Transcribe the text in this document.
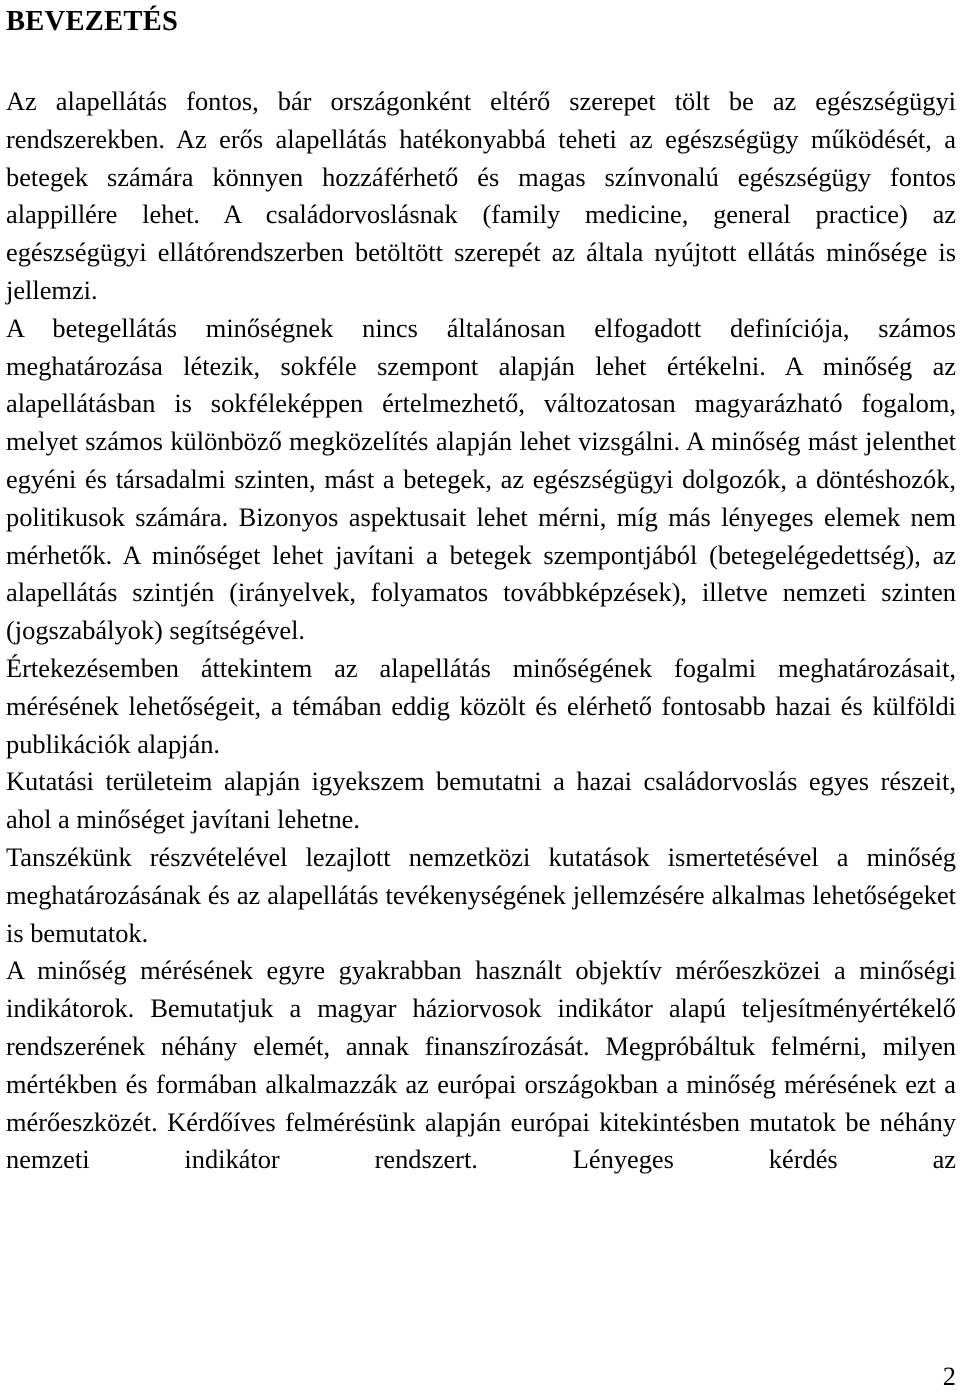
BEVEZETÉS

Az alapellátás fontos, bár országonként eltérő szerepet tölt be az egészségügyi rendszerekben. Az erős alapellátás hatékonyabbá teheti az egészségügy működését, a betegek számára könnyen hozzáférhető és magas színvonalú egészségügy fontos alappillére lehet. A családorvoslásnak (family medicine, general practice) az egészségügyi ellátórendszerben betöltött szerepét az általa nyújtott ellátás minősége is jellemzi.

A betegellátás minőségnek nincs általánosan elfogadott definíciója, számos meghatározása létezik, sokféle szempont alapján lehet értékelni. A minőség az alapellátásban is sokféleképpen értelmezhető, változatosan magyarázható fogalom, melyet számos különböző megközelítés alapján lehet vizsgálni. A minőség mást jelenthet egyéni és társadalmi szinten, mást a betegek, az egészségügyi dolgozók, a döntéshozók, politikusok számára. Bizonyos aspektusait lehet mérni, míg más lényeges elemek nem mérhetők. A minőséget lehet javítani a betegek szempontjából (betegelégedettség), az alapellátás szintjén (irányelvek, folyamatos továbbképzések), illetve nemzeti szinten (jogszabályok) segítségével.

Értekezésemben áttekintem az alapellátás minőségének fogalmi meghatározásait, mérésének lehetőségeit, a témában eddig közölt és elérhető fontosabb hazai és külföldi publikációk alapján.

Kutatási területeim alapján igyekszem bemutatni a hazai családorvoslás egyes részeit, ahol a minőséget javítani lehetne.

Tanszékünk részvételével lezajlott nemzetközi kutatások ismertetésével a minőség meghatározásának és az alapellátás tevékenységének jellemzésére alkalmas lehetőségeket is bemutatok.

A minőség mérésének egyre gyakrabban használt objektív mérőeszközei a minőségi indikátorok. Bemutatjuk a magyar háziorvosok indikátor alapú teljesítményértékelő rendszerének néhány elemét, annak finanszírozását. Megpróbáltuk felmérni, milyen mértékben és formában alkalmazzák az európai országokban a minőség mérésének ezt a mérőeszközét. Kérdőíves felmérésünk alapján európai kitekintésben mutatok be néhány nemzeti indikátor rendszert. Lényeges kérdés az

2
